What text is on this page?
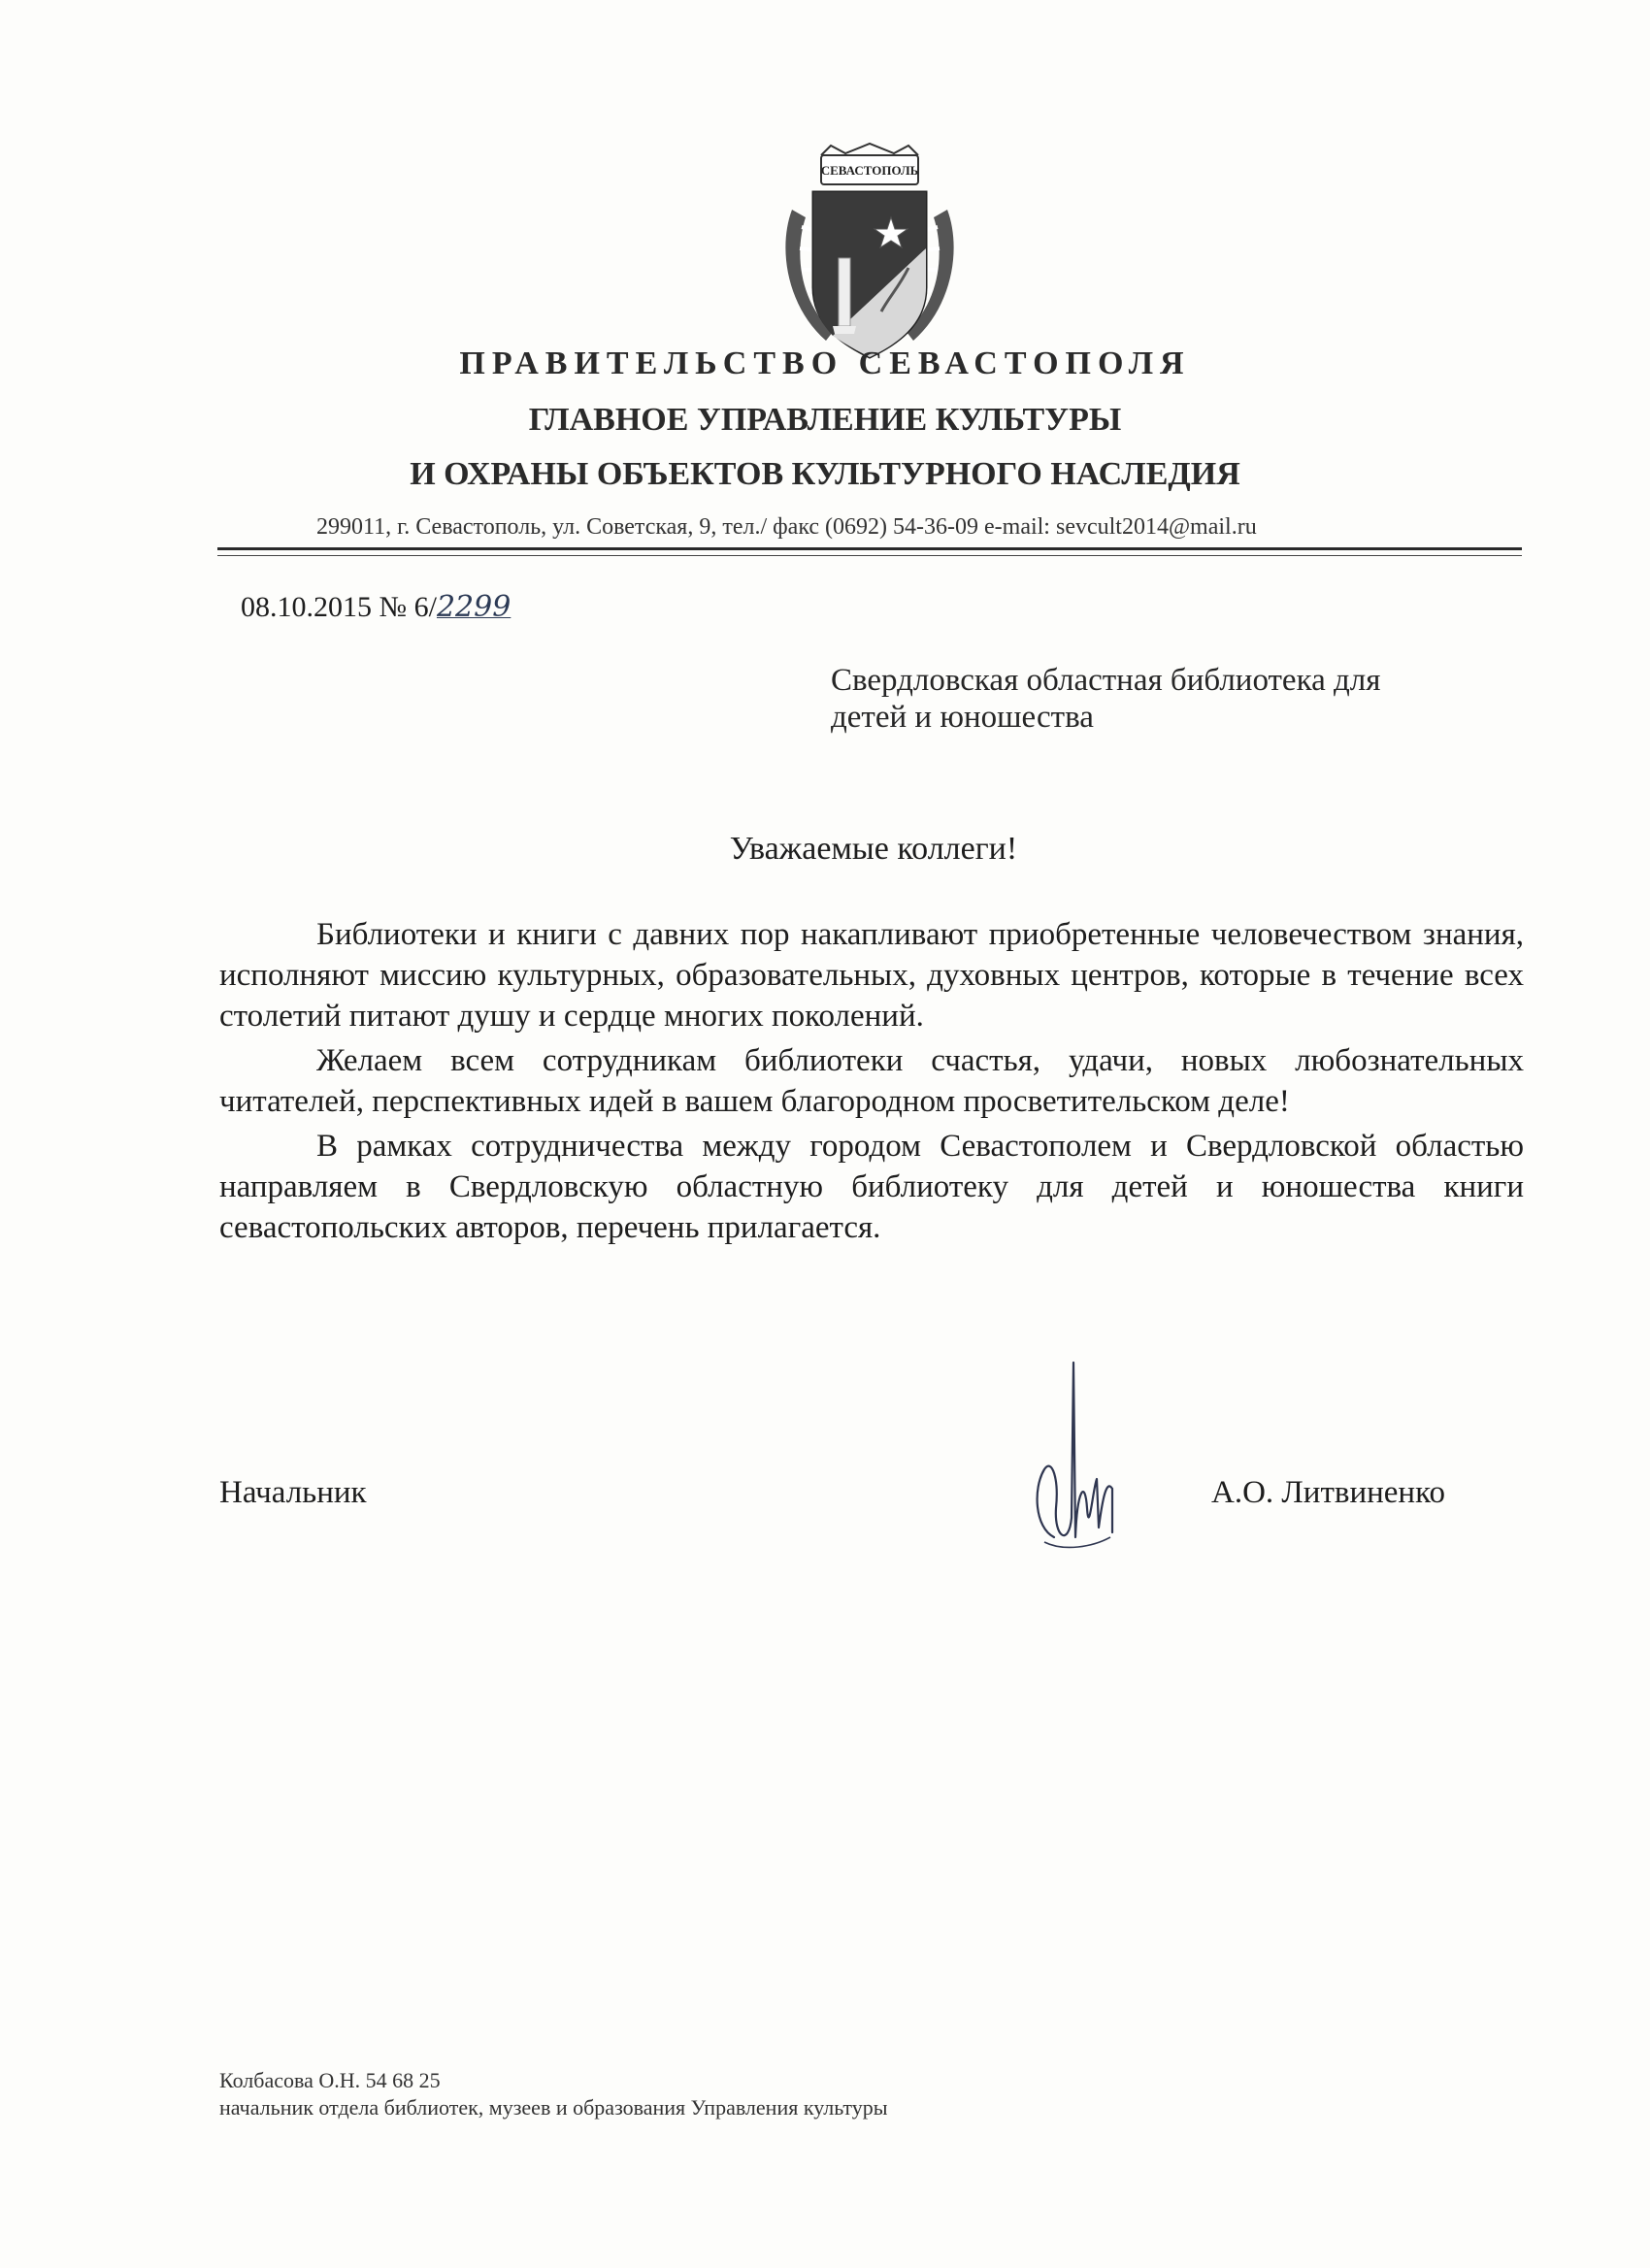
СЕВАСТОПОЛЬ
ПРАВИТЕЛЬСТВО СЕВАСТОПОЛЯ
ГЛАВНОЕ УПРАВЛЕНИЕ КУЛЬТУРЫ
И ОХРАНЫ ОБЪЕКТОВ КУЛЬТУРНОГО НАСЛЕДИЯ
299011, г. Севастополь, ул. Советская, 9, тел./ факс (0692) 54-36-09 e-mail: sevcult2014@mail.ru
08.10.2015 № 6/2299
Свердловская областная библиотека для
детей и юношества
Уважаемые коллеги!

Библиотеки и книги с давних пор накапливают приобретенные человечеством знания, исполняют миссию культурных, образовательных, духовных центров, которые в течение всех столетий питают душу и сердце многих поколений.

Желаем всем сотрудникам библиотеки счастья, удачи, новых любознательных читателей, перспективных идей в вашем благородном просветительском деле!

В рамках сотрудничества между городом Севастополем и Свердловской областью направляем в Свердловскую областную библиотеку для детей и юношества книги севастопольских авторов, перечень прилагается.

Начальник	А.О. Литвиненко
Колбасова О.Н. 54 68 25
начальник отдела библиотек, музеев и образования Управления культуры
